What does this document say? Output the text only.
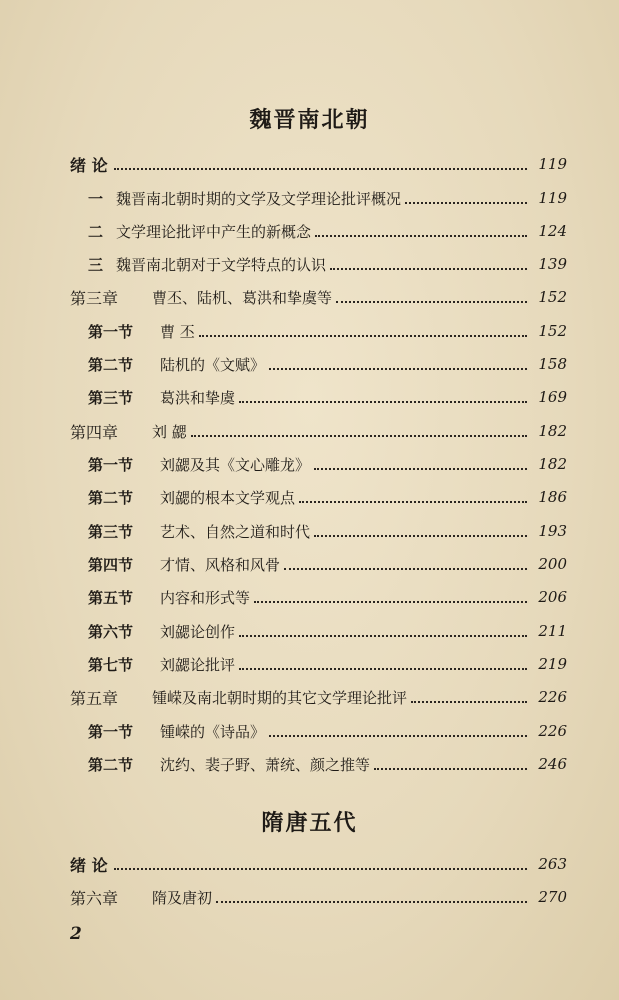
魏晋南北朝
绪 论	119
一 魏晋南北朝时期的文学及文学理论批评概况	119
二 文学理论批评中产生的新概念	124
三 魏晋南北朝对于文学特点的认识	139
第三章	曹丕、陆机、葛洪和挚虞等	152
第一节	曹 丕	152
第二节	陆机的《文赋》	158
第三节	葛洪和挚虞	169
第四章	刘 勰	182
第一节	刘勰及其《文心雕龙》	182
第二节	刘勰的根本文学观点	186
第三节	艺术、自然之道和时代	193
第四节	才情、风格和风骨	200
第五节	内容和形式等	206
第六节	刘勰论创作	211
第七节	刘勰论批评	219
第五章	锺嵘及南北朝时期的其它文学理论批评	226
第一节	锺嵘的《诗品》	226
第二节	沈约、裴子野、萧统、颜之推等	246
隋唐五代
绪 论	263
第六章	隋及唐初	270
2
